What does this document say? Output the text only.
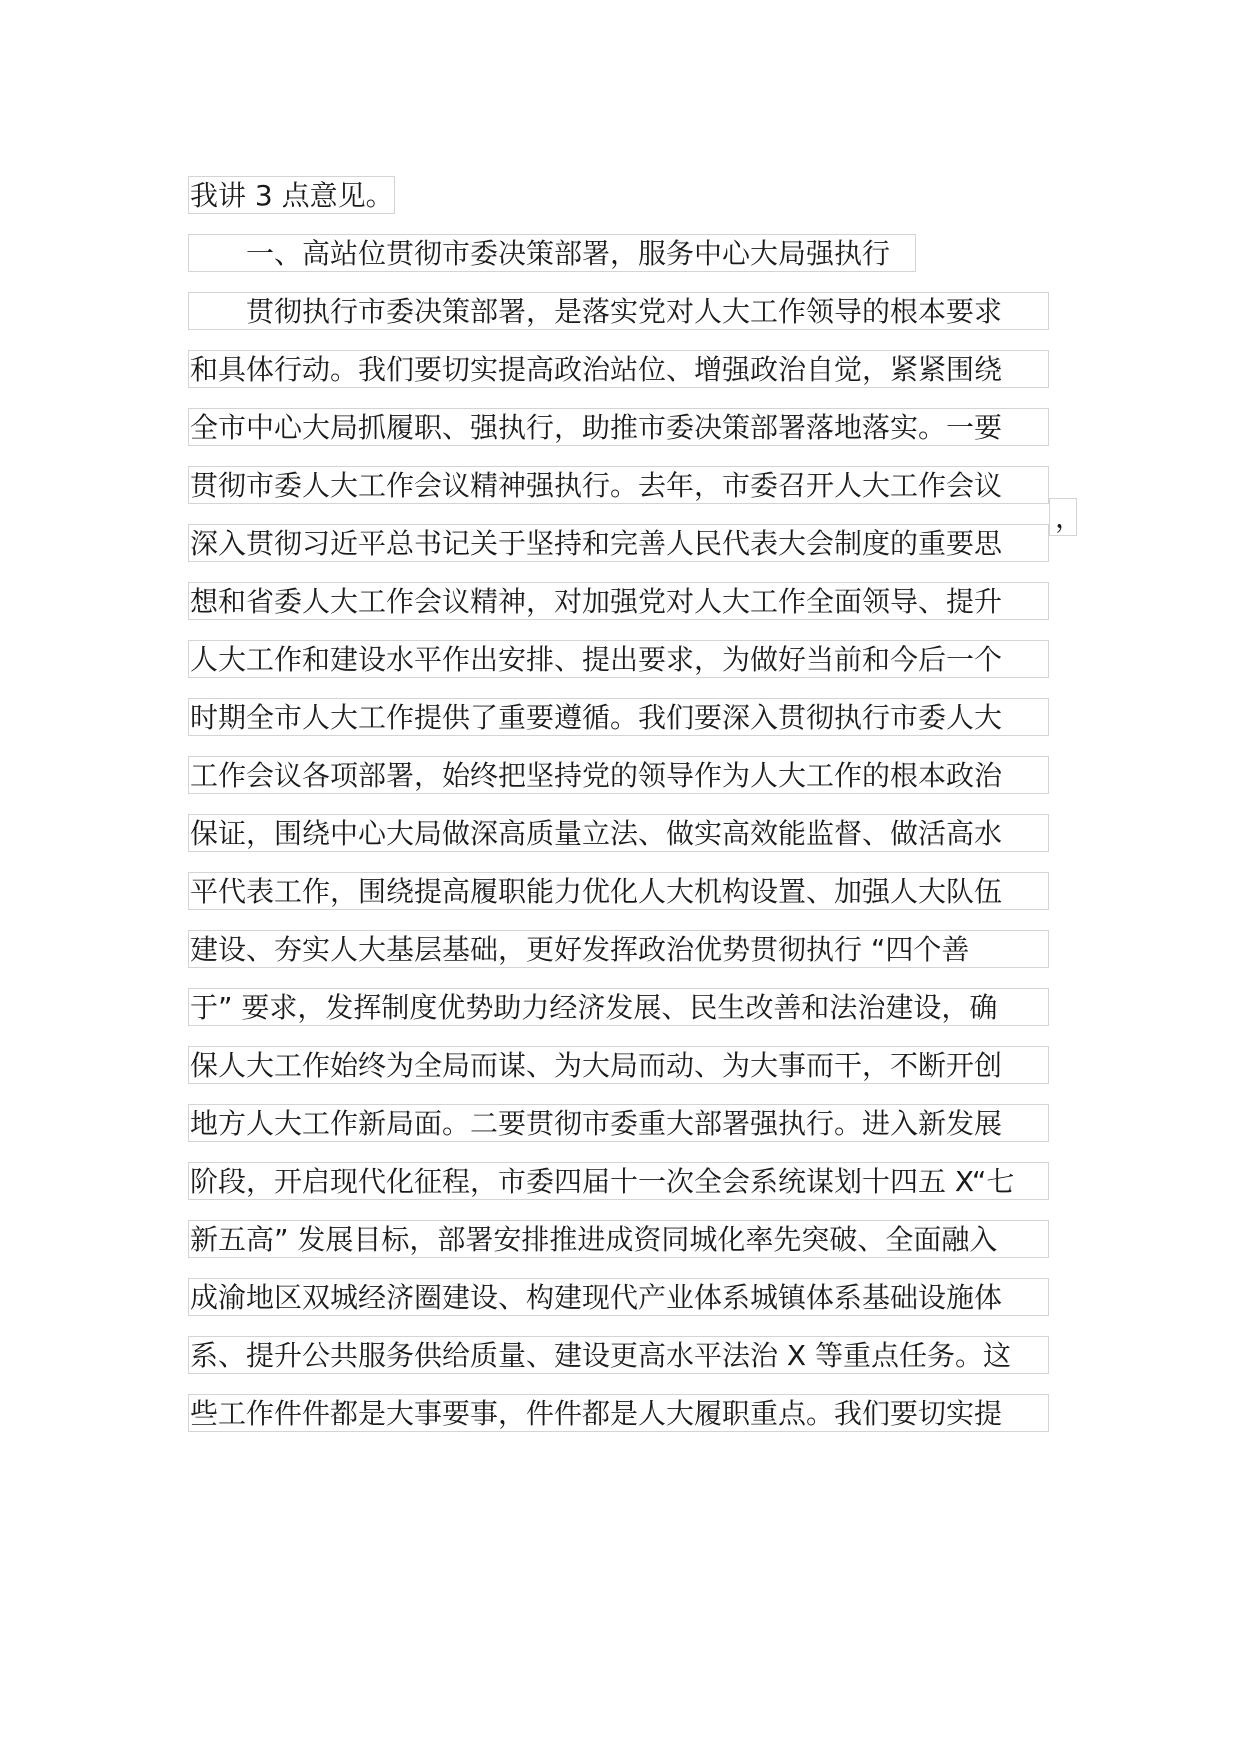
我讲 3 点意见。
一、高站位贯彻市委决策部署，服务中心大局强执行
贯彻执行市委决策部署，是落实党对人大工作领导的根本要求
和具体行动。我们要切实提高政治站位、增强政治自觉，紧紧围绕
全市中心大局抓履职、强执行，助推市委决策部署落地落实。一要
贯彻市委人大工作会议精神强执行。去年，市委召开人大工作会议
，
深入贯彻习近平总书记关于坚持和完善人民代表大会制度的重要思
想和省委人大工作会议精神，对加强党对人大工作全面领导、提升
人大工作和建设水平作出安排、提出要求，为做好当前和今后一个
时期全市人大工作提供了重要遵循。我们要深入贯彻执行市委人大
工作会议各项部署，始终把坚持党的领导作为人大工作的根本政治
保证，围绕中心大局做深高质量立法、做实高效能监督、做活高水
平代表工作，围绕提高履职能力优化人大机构设置、加强人大队伍
建设、夯实人大基层基础，更好发挥政治优势贯彻执行 “四个善
于” 要求，发挥制度优势助力经济发展、民生改善和法治建设，确
保人大工作始终为全局而谋、为大局而动、为大事而干，不断开创
地方人大工作新局面。二要贯彻市委重大部署强执行。进入新发展
阶段，开启现代化征程，市委四届十一次全会系统谋划十四五 X“七
新五高” 发展目标，部署安排推进成资同城化率先突破、全面融入
成渝地区双城经济圈建设、构建现代产业体系城镇体系基础设施体
系、提升公共服务供给质量、建设更高水平法治 X 等重点任务。这
些工作件件都是大事要事，件件都是人大履职重点。我们要切实提
